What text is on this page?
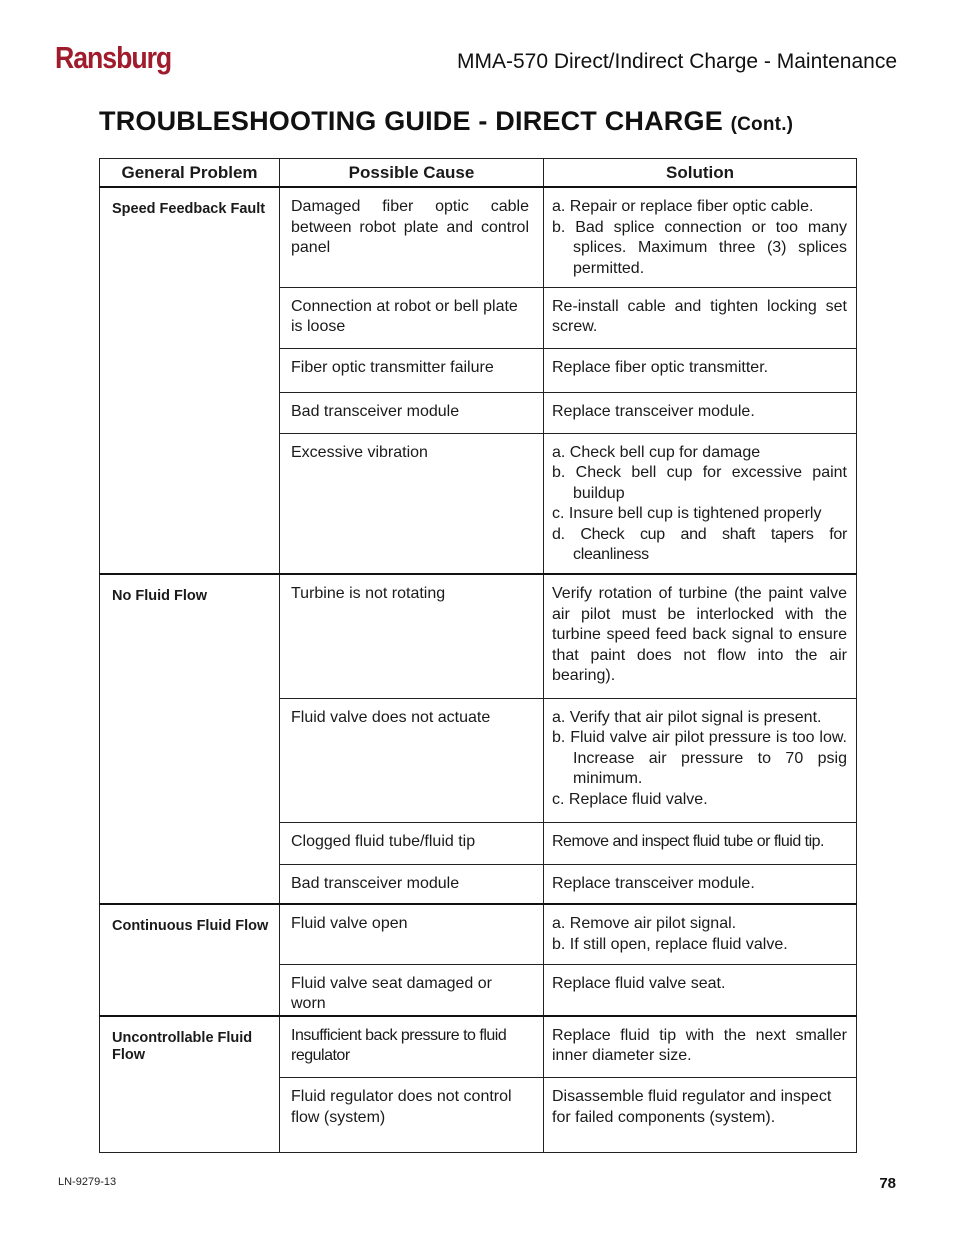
Ransburg	MMA-570 Direct/Indirect Charge - Maintenance
TROUBLESHOOTING GUIDE - DIRECT CHARGE (Cont.)
General Problem	Possible Cause	Solution
Speed Feedback Fault	Damaged fiber optic cable between robot plate and control panel	a. Repair or replace fiber optic cable.
b. Bad splice connection or too many splices. Maximum three (3) splices permitted.

	Connection at robot or bell plate is loose	Re-install cable and tighten locking set screw.
	Fiber optic transmitter failure	Replace fiber optic transmitter.
	Bad transceiver module	Replace transceiver module.
	Excessive vibration	a. Check bell cup for damage
b. Check bell cup for excessive paint buildup
c. Insure bell cup is tightened properly
d. Check cup and shaft tapers for cleanliness

No Fluid Flow	Turbine is not rotating	Verify rotation of turbine (the paint valve air pilot must be interlocked with the turbine speed feed back signal to ensure that paint does not flow into the air bearing).
	Fluid valve does not actuate	a. Verify that air pilot signal is present.
b. Fluid valve air pilot pressure is too low. Increase air pressure to 70 psig minimum.
c. Replace fluid valve.

	Clogged fluid tube/fluid tip	Remove and inspect fluid tube or fluid tip.
	Bad transceiver module	Replace transceiver module.
Continuous Fluid Flow	Fluid valve open	a. Remove air pilot signal.
b. If still open, replace fluid valve.

	Fluid valve seat damaged or worn	Replace fluid valve seat.
Uncontrollable Fluid Flow	Insufficient back pressure to fluid regulator	Replace fluid tip with the next smaller inner diameter size.
	Fluid regulator does not control flow (system)	Disassemble fluid regulator and inspect for failed components (system).
LN-9279-13	78
